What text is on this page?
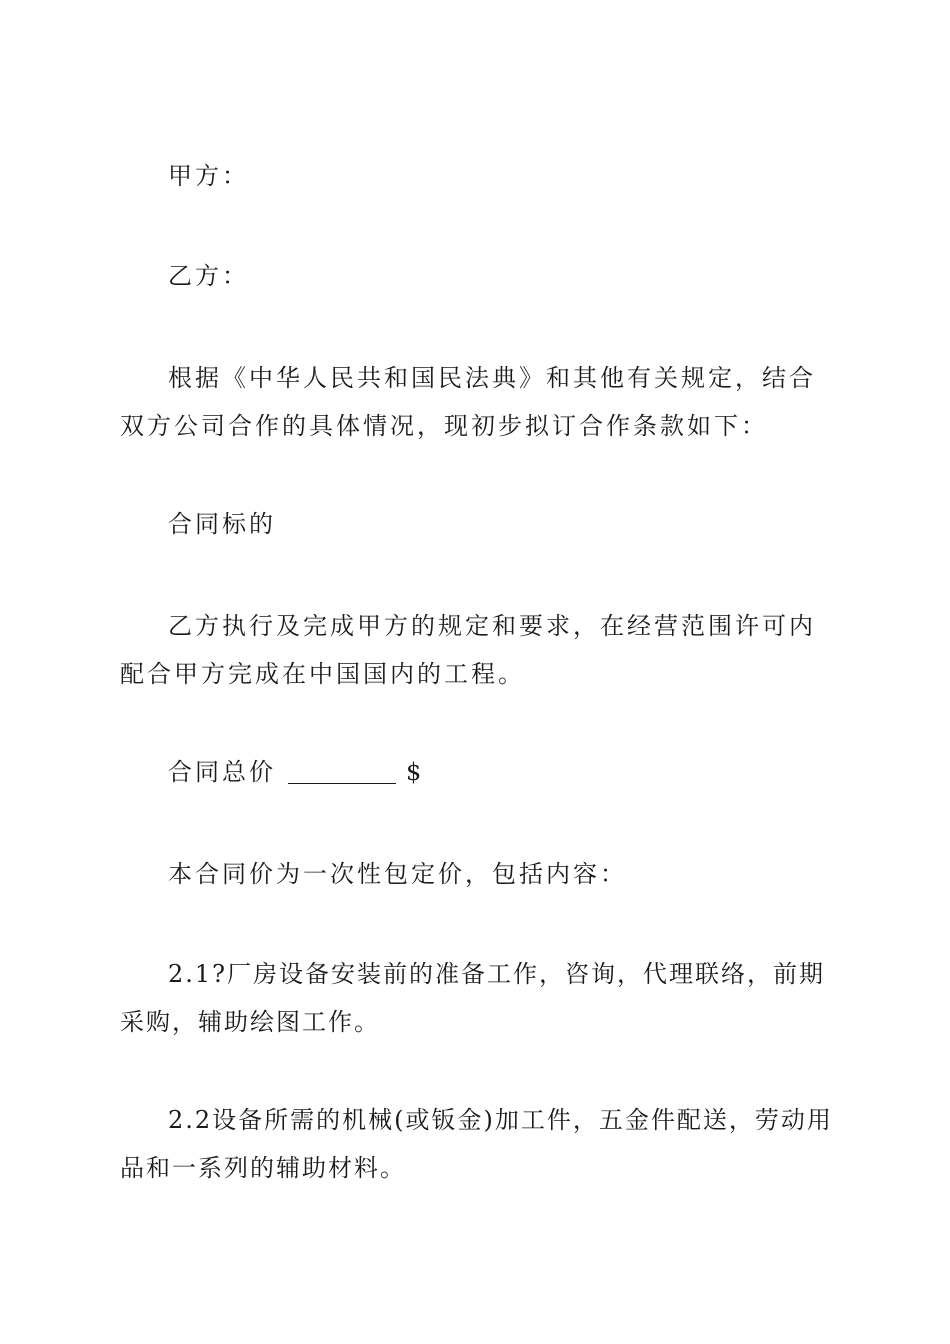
甲方：
乙方：
根据《中华人民共和国民法典》和其他有关规定，结合双方公司合作的具体情况，现初步拟订合作条款如下：
合同标的
乙方执行及完成甲方的规定和要求，在经营范围许可内配合甲方完成在中国国内的工程。
合同总价	$
本合同价为一次性包定价，包括内容：
2.1?厂房设备安装前的准备工作，咨询，代理联络，前期采购，辅助绘图工作。
2.2设备所需的机械(或钣金)加工件，五金件配送，劳动用品和一系列的辅助材料。
